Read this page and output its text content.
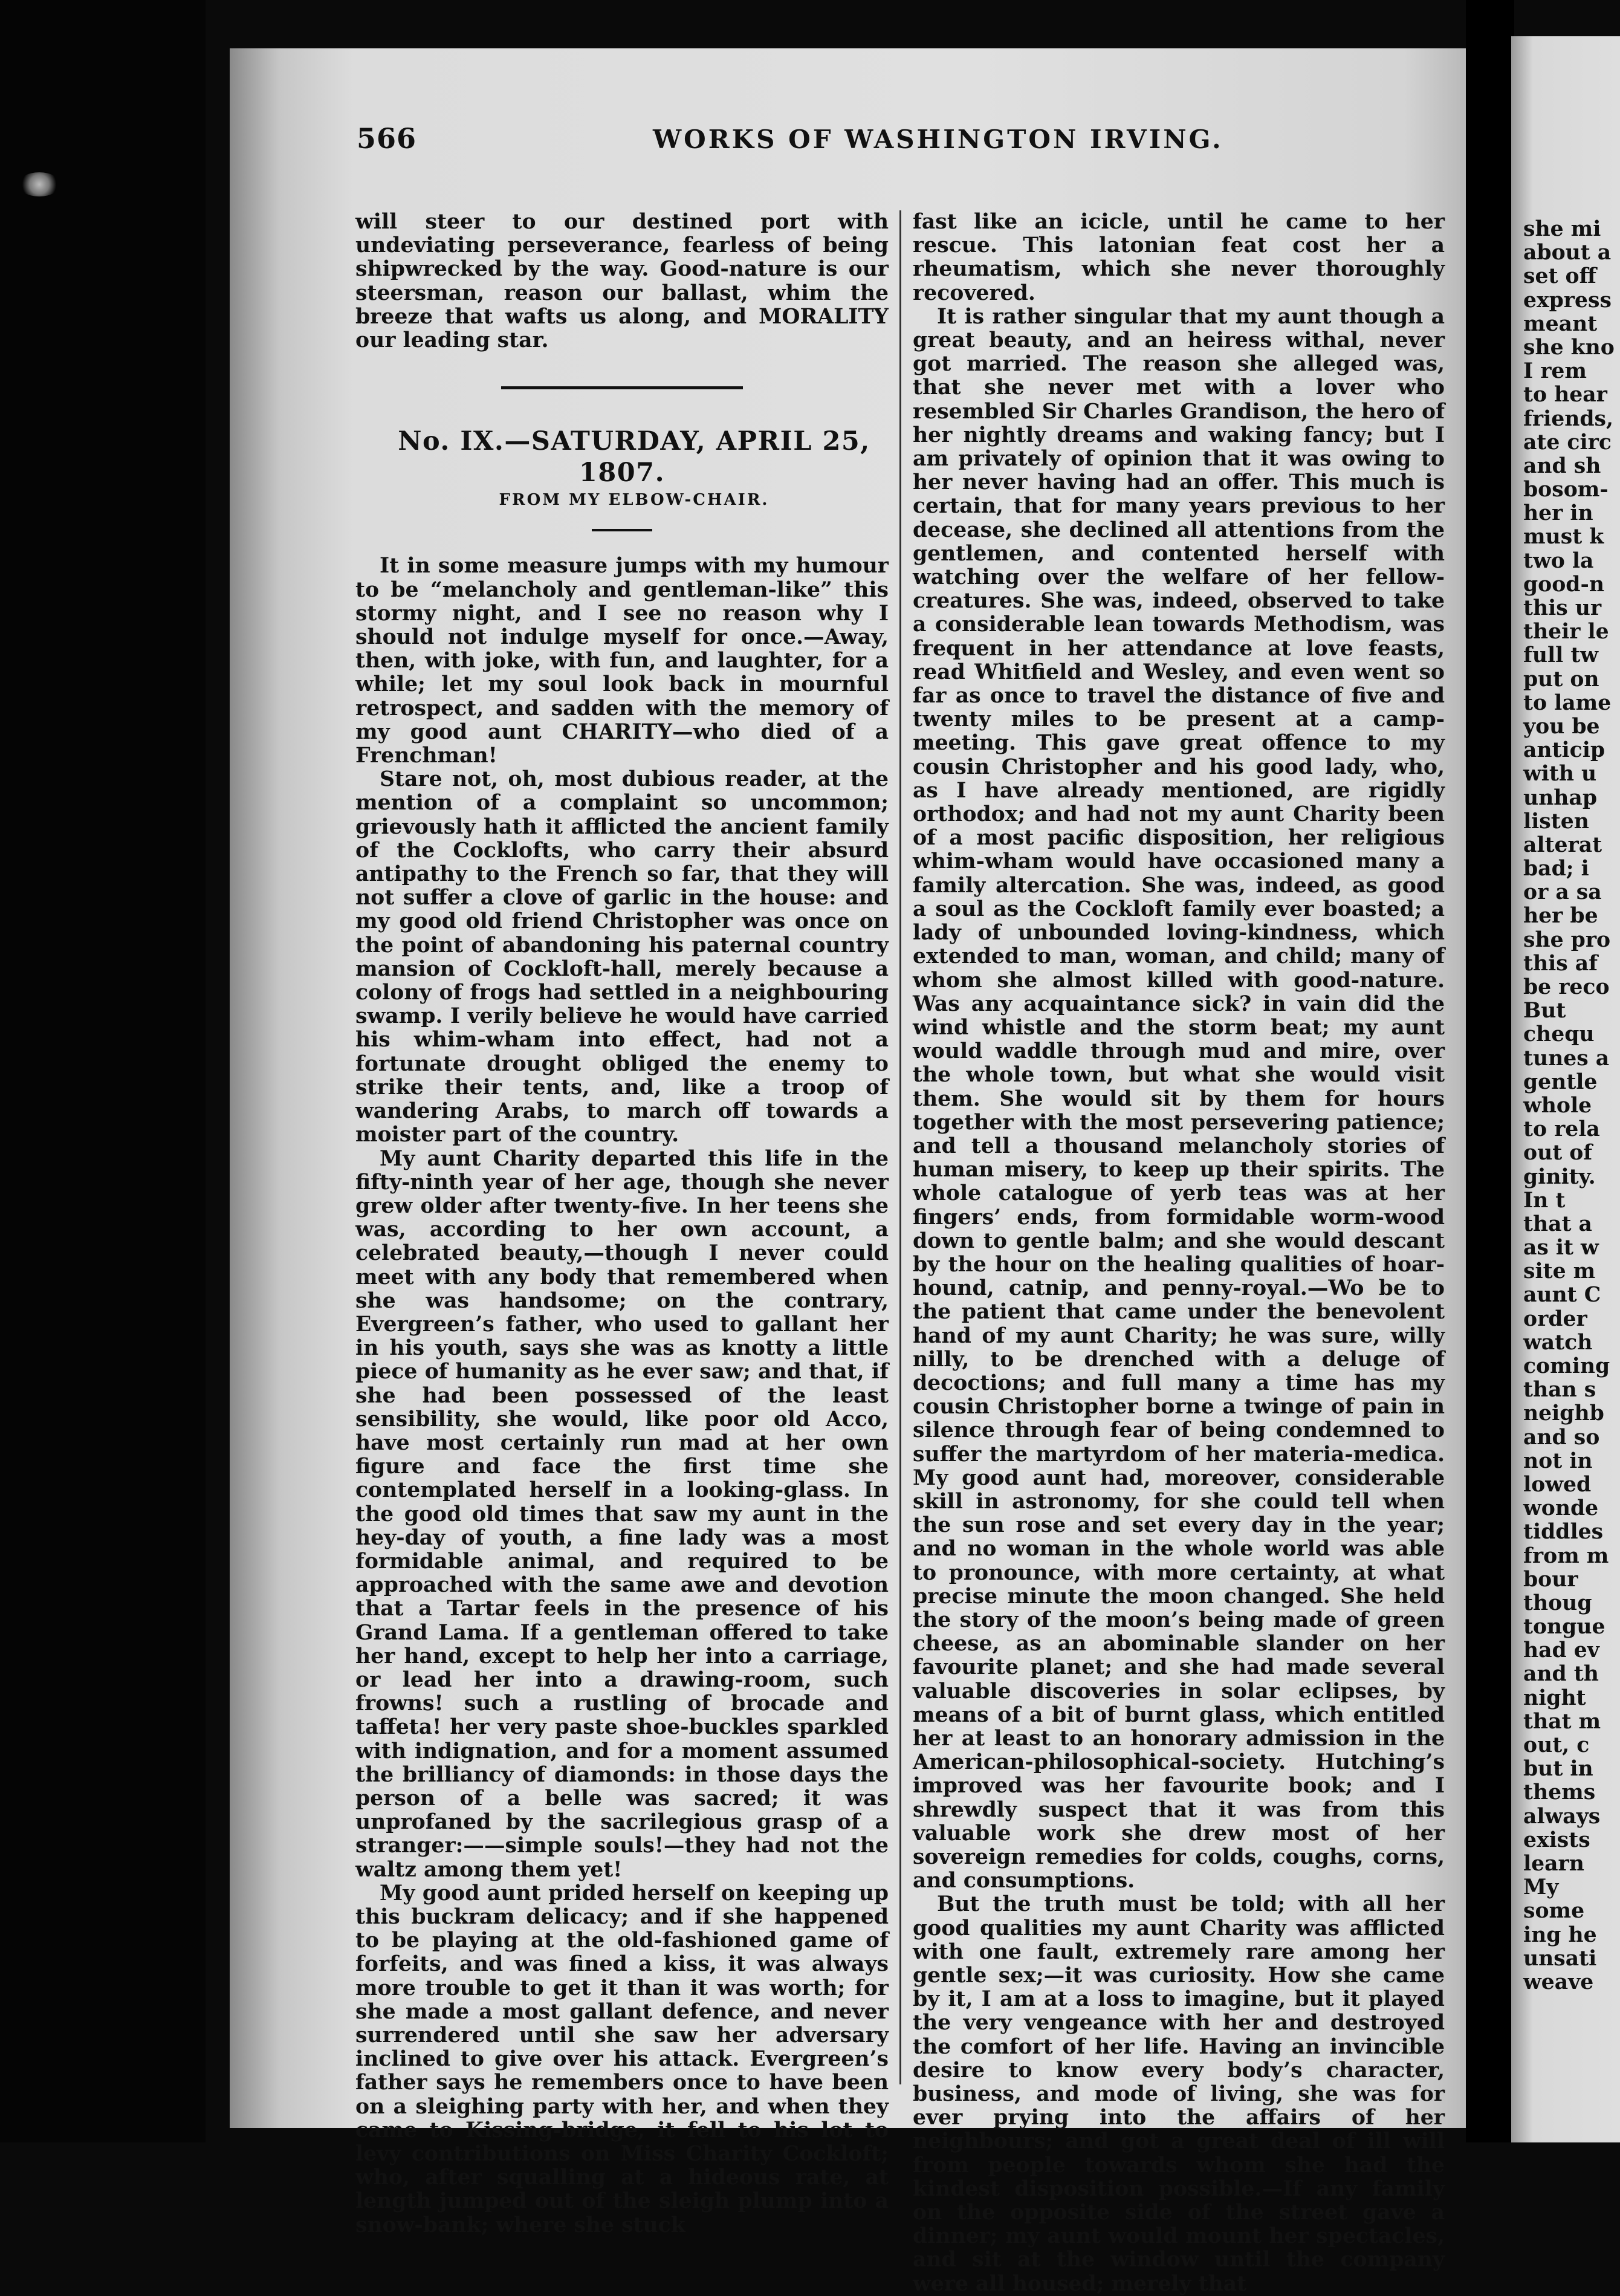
566	WORKS OF WASHINGTON IRVING.

will steer to our destined port with undeviating perseverance, fearless of being shipwrecked by the way. Good-nature is our steersman, reason our ballast, whim the breeze that wafts us along, and MORALITY our leading star.

No. IX.—SATURDAY, APRIL 25, 1807.

FROM MY ELBOW-CHAIR.

It in some measure jumps with my humour to be “melancholy and gentleman-like” this stormy night, and I see no reason why I should not indulge myself for once.—Away, then, with joke, with fun, and laughter, for a while; let my soul look back in mournful retrospect, and sadden with the memory of my good aunt CHARITY—who died of a Frenchman!

Stare not, oh, most dubious reader, at the mention of a complaint so uncommon; grievously hath it afflicted the ancient family of the Cocklofts, who carry their absurd antipathy to the French so far, that they will not suffer a clove of garlic in the house: and my good old friend Christopher was once on the point of abandoning his paternal country mansion of Cockloft-hall, merely because a colony of frogs had settled in a neighbouring swamp. I verily believe he would have carried his whim-wham into effect, had not a fortunate drought obliged the enemy to strike their tents, and, like a troop of wandering Arabs, to march off towards a moister part of the country.

My aunt Charity departed this life in the fifty-ninth year of her age, though she never grew older after twenty-five. In her teens she was, according to her own account, a celebrated beauty,—though I never could meet with any body that remembered when she was handsome; on the contrary, Evergreen’s father, who used to gallant her in his youth, says she was as knotty a little piece of humanity as he ever saw; and that, if she had been possessed of the least sensibility, she would, like poor old Acco, have most certainly run mad at her own figure and face the first time she contemplated herself in a looking-glass. In the good old times that saw my aunt in the hey-day of youth, a fine lady was a most formidable animal, and required to be approached with the same awe and devotion that a Tartar feels in the presence of his Grand Lama. If a gentleman offered to take her hand, except to help her into a carriage, or lead her into a drawing-room, such frowns! such a rustling of brocade and taffeta! her very paste shoe-buckles sparkled with indignation, and for a moment assumed the brilliancy of diamonds: in those days the person of a belle was sacred; it was unprofaned by the sacrilegious grasp of a stranger:——simple souls!—they had not the waltz among them yet!

My good aunt prided herself on keeping up this buckram delicacy; and if she happened to be playing at the old-fashioned game of forfeits, and was fined a kiss, it was always more trouble to get it than it was worth; for she made a most gallant defence, and never surrendered until she saw her adversary inclined to give over his attack. Evergreen’s father says he remembers once to have been on a sleighing party with her, and when they came to Kissing-bridge, it fell to his lot to levy contributions on Miss Charity Cockloft; who, after squalling at a hideous rate, at length jumped out of the sleigh plump into a snow-bank; where she stuck

fast like an icicle, until he came to her rescue. This latonian feat cost her a rheumatism, which she never thoroughly recovered.

It is rather singular that my aunt though a great beauty, and an heiress withal, never got married. The reason she alleged was, that she never met with a lover who resembled Sir Charles Grandison, the hero of her nightly dreams and waking fancy; but I am privately of opinion that it was owing to her never having had an offer. This much is certain, that for many years previous to her decease, she declined all attentions from the gentlemen, and contented herself with watching over the welfare of her fellow-creatures. She was, indeed, observed to take a considerable lean towards Methodism, was frequent in her attendance at love feasts, read Whitfield and Wesley, and even went so far as once to travel the distance of five and twenty miles to be present at a camp-meeting. This gave great offence to my cousin Christopher and his good lady, who, as I have already mentioned, are rigidly orthodox; and had not my aunt Charity been of a most pacific disposition, her religious whim-wham would have occasioned many a family altercation. She was, indeed, as good a soul as the Cockloft family ever boasted; a lady of unbounded loving-kindness, which extended to man, woman, and child; many of whom she almost killed with good-nature. Was any acquaintance sick? in vain did the wind whistle and the storm beat; my aunt would waddle through mud and mire, over the whole town, but what she would visit them. She would sit by them for hours together with the most persevering patience; and tell a thousand melancholy stories of human misery, to keep up their spirits. The whole catalogue of yerb teas was at her fingers’ ends, from formidable worm-wood down to gentle balm; and she would descant by the hour on the healing qualities of hoar-hound, catnip, and penny-royal.—Wo be to the patient that came under the benevolent hand of my aunt Charity; he was sure, willy nilly, to be drenched with a deluge of decoctions; and full many a time has my cousin Christopher borne a twinge of pain in silence through fear of being condemned to suffer the martyrdom of her materia-medica. My good aunt had, moreover, considerable skill in astronomy, for she could tell when the sun rose and set every day in the year; and no woman in the whole world was able to pronounce, with more certainty, at what precise minute the moon changed. She held the story of the moon’s being made of green cheese, as an abominable slander on her favourite planet; and she had made several valuable discoveries in solar eclipses, by means of a bit of burnt glass, which entitled her at least to an honorary admission in the American-philosophical-society. Hutching’s improved was her favourite book; and I shrewdly suspect that it was from this valuable work she drew most of her sovereign remedies for colds, coughs, corns, and consumptions.

But the truth must be told; with all her good qualities my aunt Charity was afflicted with one fault, extremely rare among her gentle sex;—it was curiosity. How she came by it, I am at a loss to imagine, but it played the very vengeance with her and destroyed the comfort of her life. Having an invincible desire to know every body’s character, business, and mode of living, she was for ever prying into the affairs of her neighbours; and got a great deal of ill will from people towards whom she had the kindest disposition possible.—If any family on the opposite side of the street gave a dinner; my aunt would mount her spectacles, and sit at the window until the company were all housed; merely that

she mi
about a
set off
express
meant
she kno
I rem
to hear
friends,
ate circ
and sh
bosom-
her in
must k
two la
good-n
this ur
their le
full tw
put on
to lame
you be
anticip
with u
unhap
listen
alterat
bad; i
or a sa
her be
she pro
this af
be reco
But
chequ
tunes a
gentle
whole
to rela
out of
ginity.
In t
that a
as it w
site m
aunt C
order
watch
coming
than s
neighb
and so
not in
lowed
wonde
tiddles
from m
bour
thoug
tongue
had ev
and th
night
that m
out, c
but in
thems
always
exists
learn
My
some
ing he
unsati
weave
